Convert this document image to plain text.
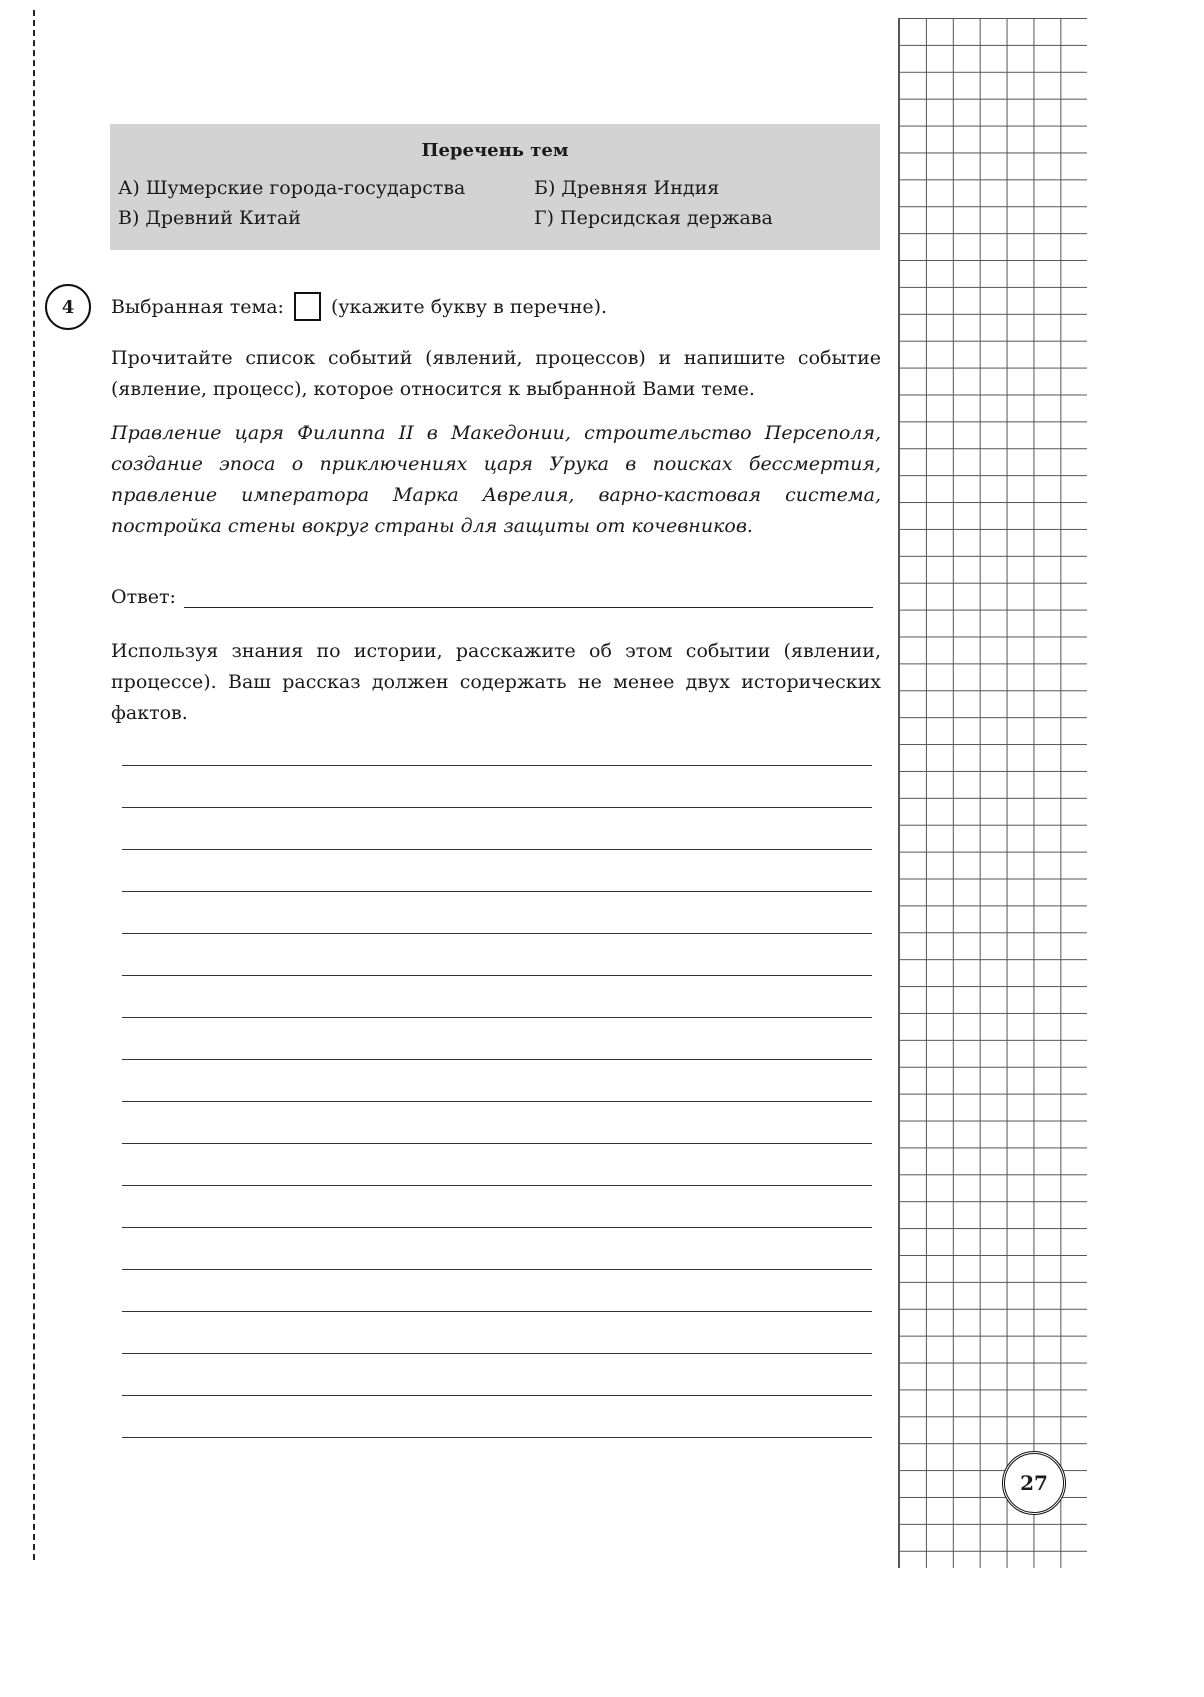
27
Перечень тем
А) Шумерские города-государства	Б) Древняя Индия
В) Древний Китай	Г) Персидская держава
4	Выбранная тема: (укажите букву в перечне).

Прочитайте список событий (явлений, процессов) и напишите событие (явление, процесс), которое относится к выбранной Вами теме.

Правление царя Филиппа II в Македонии, строительство Персеполя, создание эпоса о приключениях царя Урука в поисках бессмертия, правление императора Марка Аврелия, варно-кастовая система, постройка стены вокруг страны для защиты от кочевников.

Ответ:

Используя знания по истории, расскажите об этом событии (явлении, процессе). Ваш рассказ должен содержать не менее двух исторических фактов.
